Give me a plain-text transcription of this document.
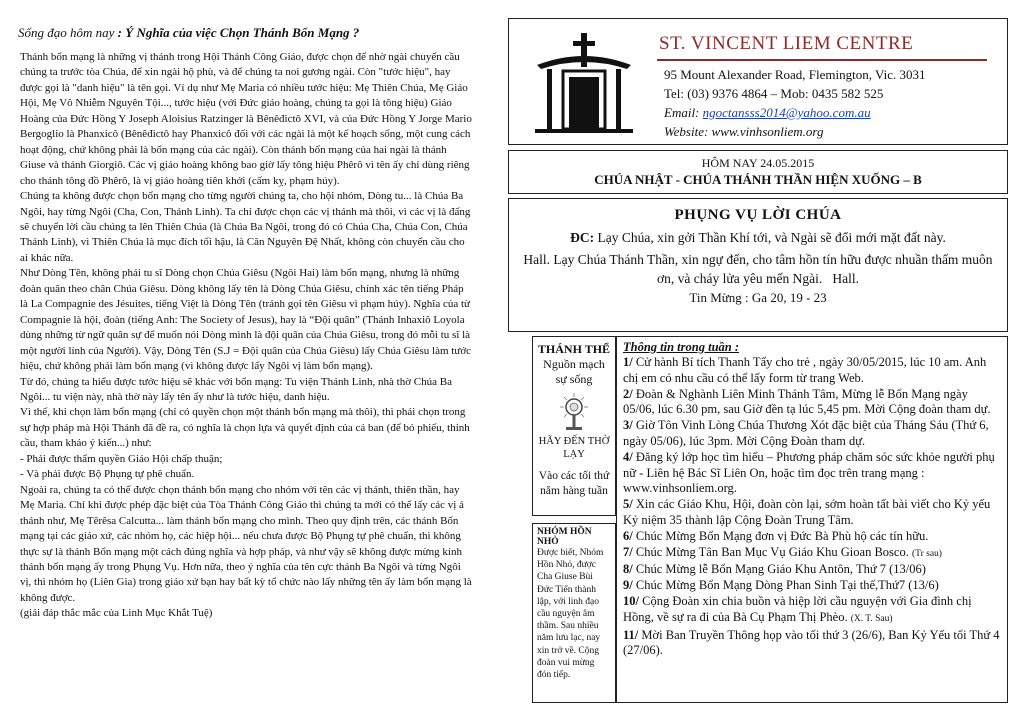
Sống đạo hôm nay : Ý Nghĩa của việc Chọn Thánh Bổn Mạng ?

Thánh bổn mạng là những vị thánh trong Hội Thánh Công Giáo, được chọn để nhờ ngài chuyển cầu chúng ta trước tòa Chúa, để xin ngài hộ phù, và để chúng ta noi gương ngài. Còn "tước hiệu", hay được gọi là "danh hiệu" là tên gọi. Ví dụ như Mẹ Maria có nhiều tước hiệu: Mẹ Thiên Chúa, Mẹ Giáo Hội, Mẹ Vô Nhiễm Nguyên Tội..., tước hiệu (với Đức giáo hoàng, chúng ta gọi là tông hiệu) Giáo Hoàng của Đức Hồng Y Joseph Aloisius Ratzinger là Bênêđictô XVI, và của Đức Hồng Y Jorge Mario Bergoglio là Phanxicô (Bênêđictô hay Phanxicô đối với các ngài là một kế hoạch sống, một cung cách hoạt động, chứ không phải là bổn mạng của các ngài). Còn thánh bổn mạng của hai ngài là thánh Giuse và thánh Giorgiô. Các vị giáo hoàng không bao giờ lấy tông hiệu Phêrô vì tên ấy chỉ dùng riêng cho thánh tông đồ Phêrô, là vị giáo hoàng tiên khởi (cấm kỵ, phạm húy).

Chúng ta không được chọn bổn mạng cho từng người chúng ta, cho hội nhóm, Dòng tu... là Chúa Ba Ngôi, hay từng Ngôi (Cha, Con, Thánh Linh). Ta chỉ được chọn các vị thánh mà thôi, vì các vị là đấng sẽ chuyển lời cầu chúng ta lên Thiên Chúa (là Chúa Ba Ngôi, trong đó có Chúa Cha, Chúa Con, Chúa Thánh Linh), vì Thiên Chúa là mục đích tối hậu, là Căn Nguyên Đệ Nhất, không còn chuyển cầu cho ai khác nữa.

Như Dòng Tên, không phải tu sĩ Dòng chọn Chúa Giêsu (Ngôi Hai) làm bổn mạng, nhưng là những đoàn quân theo chân Chúa Giêsu. Dòng không lấy tên là Dòng Chúa Giêsu, chính xác tên tiếng Pháp là La Compagnie des Jésuites, tiếng Việt là Dòng Tên (tránh gọi tên Giêsu vì phạm húy). Nghĩa của từ Compagnie là hội, đoàn (tiếng Anh: The Society of Jesus), hay là “Đội quân” (Thánh Inhaxiô Loyola dùng những từ ngữ quân sự để muốn nói Dòng mình là đội quân của Chúa Giêsu, trong đó mỗi tu sĩ là một người lính của Người). Vậy, Dòng Tên (S.J = Đội quân của Chúa Giêsu) lấy Chúa Giêsu làm tước hiệu, chứ không phải làm bổn mạng (vì không được lấy Ngôi vị làm bổn mạng).

Từ đó, chúng ta hiểu được tước hiệu sẽ khác với bổn mạng: Tu viện Thánh Linh, nhà thờ Chúa Ba Ngôi... tu viện này, nhà thờ này lấy tên ấy như là tước hiệu, danh hiệu.

Vì thế, khi chọn làm bổn mạng (chỉ có quyền chọn một thánh bổn mạng mà thôi), thì phải chọn trong sự hợp pháp mà Hội Thánh đã đề ra, có nghĩa là chọn lựa và quyết định của cả ban (để bỏ phiếu, thỉnh cầu, tham khảo ý kiến...) như:

- Phải được thẩm quyền Giáo Hội chấp thuận;

- Và phải được Bộ Phụng tự phê chuẩn.

Ngoài ra, chúng ta có thể được chọn thánh bổn mạng cho nhóm với tên các vị thánh, thiên thần, hay Mẹ Maria. Chỉ khi được phép đặc biệt của Tòa Thánh Công Giáo thì chúng ta mới có thể lấy các vị á thánh như, Mẹ Têrêsa Calcutta... làm thánh bổn mạng cho mình. Theo quy định trên, các thánh Bổn mạng tại các giáo xứ, các nhóm họ, các hiệp hội... nếu chưa được Bộ Phụng tự phê chuẩn, thì không thực sự là thánh Bổn mạng một cách đúng nghĩa và hợp pháp, và như vậy sẽ không được mừng kính thánh bổn mạng ấy trong Phụng Vụ. Hơn nữa, theo ý nghĩa của tên cực thánh Ba Ngôi và từng Ngôi vị, thì nhóm họ (Liên Gia) trong giáo xứ bạn hay bất kỳ tổ chức nào lấy những tên ấy làm bổn mạng là không được.

(giải đáp thắc mắc của Linh Mục Khắt Tuệ)

ST. VINCENT LIEM CENTRE
95 Mount Alexander Road, Flemington, Vic. 3031
Tel: (03) 9376 4864 – Mob: 0435 582 525
Email: ngoctansss2014@yahoo.com.au
Website: www.vinhsonliem.org
HÔM NAY 24.05.2015
CHÚA NHẬT - CHÚA THÁNH THẦN HIỆN XUỐNG – B
PHỤNG VỤ LỜI CHÚA
ĐC: Lạy Chúa, xin gởi Thần Khí tới, và Ngài sẽ đổi mới mặt đất này.
Hall. Lạy Chúa Thánh Thần, xin ngự đến, cho tâm hồn tín hữu được nhuần thấm muôn ơn, và cháy lửa yêu mến Ngài. Hall.
Tin Mừng : Ga 20, 19 - 23
THÁNH THỂ
Nguồn mạch
sự sống
HÃY ĐẾN THỜ
LẠY
Vào các tối thứ năm hàng tuần
NHÓM HỒN NHỎ
Được biết, Nhóm Hồn Nhỏ, được Cha Giuse Bùi Đức Tiến thành lập, với linh đạo cầu nguyện âm thầm. Sau nhiều năm lưu lạc, nay xin trở về. Cộng đoàn vui mừng đón tiếp.
Thông tin trong tuần :
1/ Cử hành Bí tích Thanh Tẩy cho trẻ , ngày 30/05/2015, lúc 10 am. Anh chị em có nhu cầu có thể lấy form từ trang Web.
2/ Đoàn & Nghành Liên Minh Thánh Tâm, Mừng lễ Bổn Mạng ngày 05/06, lúc 6.30 pm, sau Giờ đền tạ lúc 5,45 pm. Mời Cộng đoàn tham dự.
3/ Giờ Tôn Vinh Lòng Chúa Thương Xót đặc biệt của Tháng Sáu (Thứ 6, ngày 05/06), lúc 3pm. Mời Cộng Đoàn tham dự.
4/ Đăng ký lớp học tìm hiểu – Phương pháp chăm sóc sức khỏe người phụ nữ - Liên hệ Bác Sĩ Liên On, hoặc tìm đọc trên trang mạng : www.vinhsonliem.org.
5/ Xin các Giáo Khu, Hội, đoàn còn lại, sớm hoàn tất bài viết cho Kỷ yếu Kỷ niệm 35 thành lập Cộng Đoàn Trung Tâm.
6/ Chúc Mừng Bổn Mạng đơn vị Đức Bà Phù hộ các tín hữu.
7/ Chúc Mừng Tân Ban Mục Vụ Giáo Khu Gioan Bosco. (Tr sau)
8/ Chúc Mừng lễ Bổn Mạng Giáo Khu Antôn, Thứ 7 (13/06)
9/ Chúc Mừng Bổn Mạng Dòng Phan Sinh Tại thế,Thứ7 (13/6)
10/ Cộng Đoàn xin chia buồn và hiệp lời cầu nguyện với Gia đình chị Hồng, về sự ra đi của Bà Cụ Phạm Thị Phèo. (X. T. Sau)
11/ Mời Ban Truyền Thông họp vào tối thứ 3 (26/6), Ban Kỷ Yếu tối Thứ 4 (27/06).
